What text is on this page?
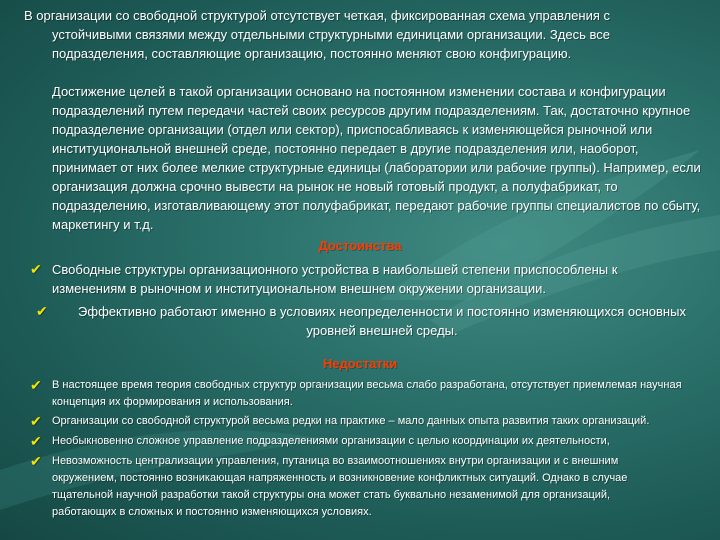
В организации со свободной структурой отсутствует четкая, фиксированная схема управления с
устойчивыми связями между отдельными структурными единицами организации. Здесь все подразделения, составляющие организацию, постоянно меняют свою конфигурацию.
Достижение целей в такой организации основано на постоянном изменении состава и конфигурации подразделений путем передачи частей своих ресурсов другим подразделениям. Так, достаточно крупное подразделение организации (отдел или сектор), приспосабливаясь к изменяющейся рыночной или институциональной внешней среде, постоянно передает в другие подразделения или, наоборот, принимает от них более мелкие структурные единицы (лаборатории или рабочие группы). Например, если организация должна срочно вывести на рынок не новый готовый продукт, а полуфабрикат, то подразделению, изготавливающему этот полуфабрикат, передают рабочие группы специалистов по сбыту, маркетингу и т.д.
Достоинства
✔ Свободные структуры организационного устройства в наибольшей степени приспособлены к изменениям в рыночном и институциональном внешнем окружении организации.
✔	Эффективно работают именно в условиях неопределенности и постоянно изменяющихся основных уровней внешней среды.
Недостатки
✔ В настоящее время теория свободных структур организации весьма слабо разработана, отсутствует приемлемая научная концепция их формирования и использования.
✔ Организации со свободной структурой весьма редки на практике – мало данных опыта развития таких организаций.
✔ Необыкновенно сложное управление подразделениями организации с целью координации их деятельности,
✔ Невозможность централизации управления, путаница во взаимоотношениях внутри организации и с внешним окружением, постоянно возникающая напряженность и возникновение конфликтных ситуаций. Однако в случае тщательной научной разработки такой структуры она может стать буквально незаменимой для организаций, работающих в сложных и постоянно изменяющихся условиях.
